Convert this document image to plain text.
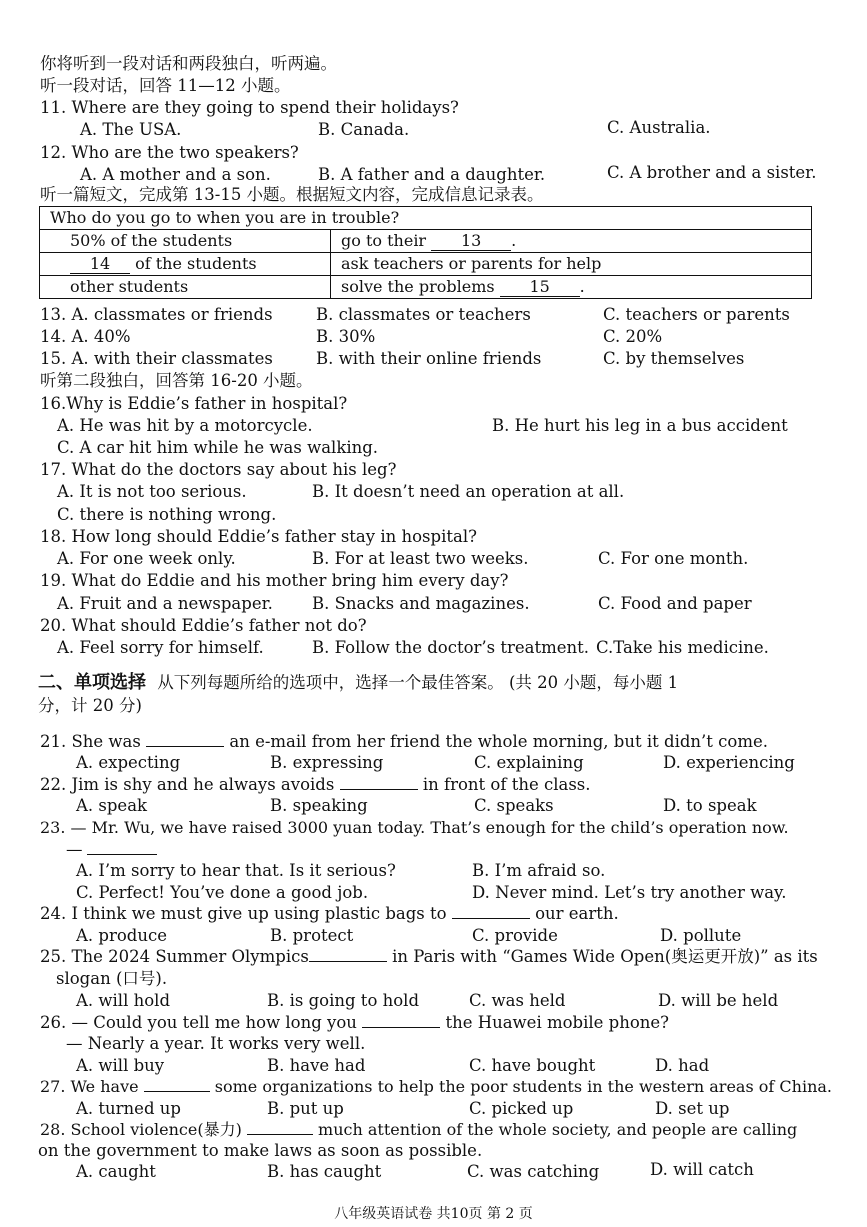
你将听到一段对话和两段独白，听两遍。
听一段对话，回答 11—12 小题。
11. Where are they going to spend their holidays?
A. The USA.	B. Canada.	C. Australia.
12. Who are the two speakers?
A. A mother and a son.	B. A father and a daughter.	C. A brother and a sister.
听一篇短文，完成第 13-15 小题。根据短文内容，完成信息记录表。
Who do you go to when you are in trouble?	
50% of the students	go to their 13 .
14 of the students	ask teachers or parents for help
other students	solve the problems 15 .
13. A. classmates or friends	B. classmates or teachers	C. teachers or parents
14. A. 40%	B. 30%	C. 20%
15. A. with their classmates	B. with their online friends	C. by themselves
听第二段独白，回答第 16-20 小题。
16.Why is Eddie’s father in hospital?
A. He was hit by a motorcycle.	B. He hurt his leg in a bus accident
C. A car hit him while he was walking.
17. What do the doctors say about his leg?
A. It is not too serious.	B. It doesn’t need an operation at all.
C. there is nothing wrong.
18. How long should Eddie’s father stay in hospital?
A. For one week only.	B. For at least two weeks.	C. For one month.
19. What do Eddie and his mother bring him every day?
A. Fruit and a newspaper. B. Snacks and magazines.	C. Food and paper
20. What should Eddie’s father not do?
A. Feel sorry for himself.	B. Follow the doctor’s treatment. C.Take his medicine.
二、单项选择 从下列每题所给的选项中，选择一个最佳答案。 (共 20 小题，每小题 1
分，计 20 分)
21. She was	an e-mail from her friend the whole morning, but it didn’t come.
A. expecting	B. expressing	C. explaining	D. experiencing
22. Jim is shy and he always avoids	in front of the class.
A. speak	B. speaking	C. speaks	D. to speak
23. — Mr. Wu, we have raised 3000 yuan today. That’s enough for the child’s operation now.
—
A. I’m sorry to hear that. Is it serious?	B. I’m afraid so.
C. Perfect! You’ve done a good job.	D. Never mind. Let’s try another way.
24. I think we must give up using plastic bags to	our earth.
A. produce	B. protect	C. provide	D. pollute
25. The 2024 Summer Olympics	in Paris with “Games Wide Open(奥运更开放)” as its
slogan (口号).
A. will hold	B. is going to hold	C. was held	D. will be held
26. — Could you tell me how long you	the Huawei mobile phone?
— Nearly a year. It works very well.
A. will buy	B. have had	C. have bought	D. had
27. We have	some organizations to help the poor students in the western areas of China.
A. turned up	B. put up	C. picked up	D. set up
28. School violence(暴力)	much attention of the whole society, and people are calling
on the government to make laws as soon as possible.
A. caught	B. has caught	C. was catching	D. will catch
八年级英语试卷 共10页 第 2 页
